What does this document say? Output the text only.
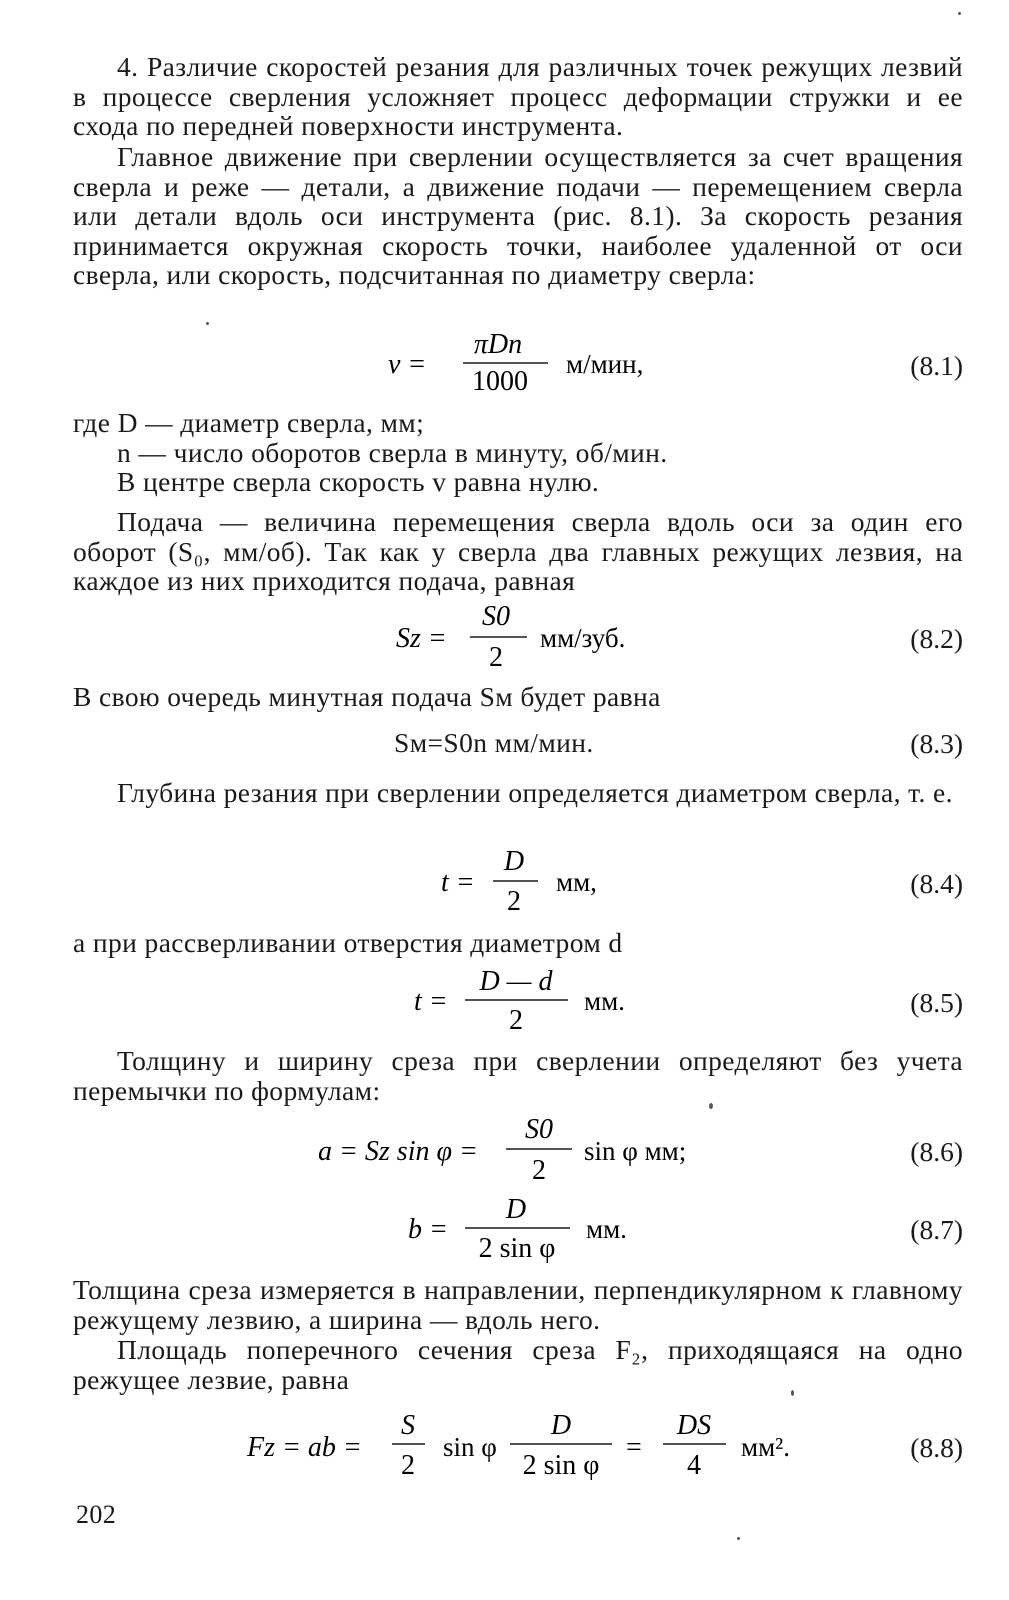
4. Различие скоростей резания для различных точек режущих лезвий в процессе сверления усложняет процесс деформации стружки и ее схода по передней поверхности инструмента.

Главное движение при сверлении осуществляется за счет вращения сверла и реже — детали, а движение подачи — перемещением сверла или детали вдоль оси инструмента (рис. 8.1). За скорость резания принимается окружная скорость точки, наиболее удаленной от оси сверла, или скорость, подсчитанная по диаметру сверла:

v =
πDn
1000
м/мин,	(8.1)
где D — диаметр сверла, мм;
n — число оборотов сверла в минуту, об/мин.
В центре сверла скорость v равна нулю.

Подача — величина перемещения сверла вдоль оси за один его оборот (S₀, мм/об). Так как у сверла два главных режущих лезвия, на каждое из них приходится подача, равная

Sz =
S0
2
мм/зуб.	(8.2)
В свою очередь минутная подача Sм будет равна
Sм=S0n мм/мин.	(8.3)

Глубина резания при сверлении определяется диаметром сверла, т. е.

t =
D
2
мм,	(8.4)
а при рассверливании отверстия диаметром d
t =
D — d
2
мм.	(8.5)

Толщину и ширину среза при сверлении определяют без учета перемычки по формулам:

a = Sz sin φ =
S0
2
sin φ мм;	(8.6)
b =
D
2 sin φ
мм.	(8.7)

Толщина среза измеряется в направлении, перпендикулярном к главному режущему лезвию, а ширина — вдоль него.

Площадь поперечного сечения среза F₂, приходящаяся на одно режущее лезвие, равна

Fz = ab =
S
2
sin φ
D
2 sin φ
=
DS
4
мм².	(8.8)
202
